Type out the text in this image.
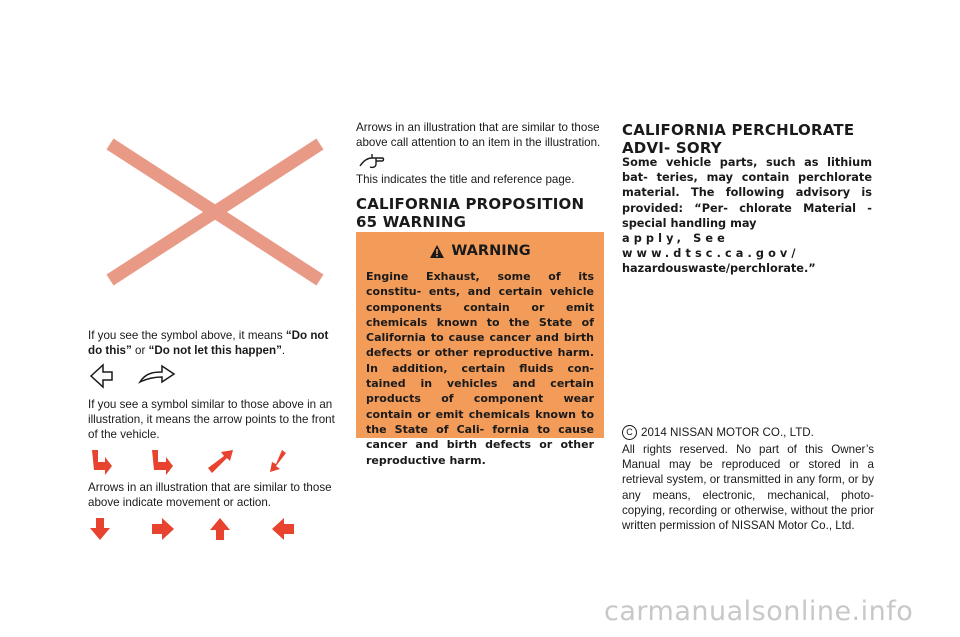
If you see the symbol above, it means “Do not do this” or “Do not let this happen”.
If you see a symbol similar to those above in an illustration, it means the arrow points to the front of the vehicle.
Arrows in an illustration that are similar to those above indicate movement or action.
Arrows in an illustration that are similar to those above call attention to an item in the illustration.
This indicates the title and reference page.
CALIFORNIA PROPOSITION 65 WARNING
WARNING
Engine Exhaust, some of its constitu- ents, and certain vehicle components contain or emit chemicals known to the State of California to cause cancer and birth defects or other reproductive harm. In addition, certain fluids con- tained in vehicles and certain products of component wear contain or emit chemicals known to the State of Cali- fornia to cause cancer and birth defects or other reproductive harm.
CALIFORNIA PERCHLORATE ADVI- SORY
Some vehicle parts, such as lithium bat- teries, may contain perchlorate material. The following advisory is provided: “Per- chlorate Material - special handling may
apply, See www.dtsc.ca.gov/
hazardouswaste/perchlorate.”
C 2014 NISSAN MOTOR CO., LTD.
All rights reserved. No part of this Owner’s Manual may be reproduced or stored in a retrieval system, or transmitted in any form, or by any means, electronic, mechanical, photo- copying, recording or otherwise, without the prior written permission of NISSAN Motor Co., Ltd.
carmanualsonline.info
